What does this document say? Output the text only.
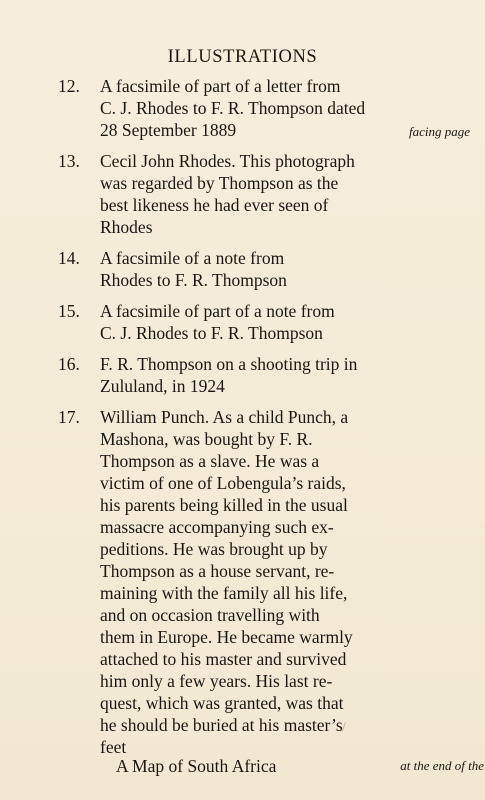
ILLUSTRATIONS
12.	A facsimile of part of a letter from
C. J. Rhodes to F. R. Thompson dated
28 September 1889	facing page
13.	Cecil John Rhodes. This photograph
was regarded by Thompson as the
best likeness he had ever seen of
Rhodes
14.	A facsimile of a note from
Rhodes to F. R. Thompson
15.	A facsimile of part of a note from
C. J. Rhodes to F. R. Thompson
16.	F. R. Thompson on a shooting trip in
Zululand, in 1924
17.	William Punch. As a child Punch, a
Mashona, was bought by F. R.
Thompson as a slave. He was a
victim of one of Lobengula’s raids,
his parents being killed in the usual
massacre accompanying such ex-
peditions. He was brought up by
Thompson as a house servant, re-
maining with the family all his life,
and on occasion travelling with
them in Europe. He became warmly
attached to his master and survived
him only a few years. His last re-
quest, which was granted, was that
he should be buried at his master’s
feet
A Map of South Africa	at the end of the
